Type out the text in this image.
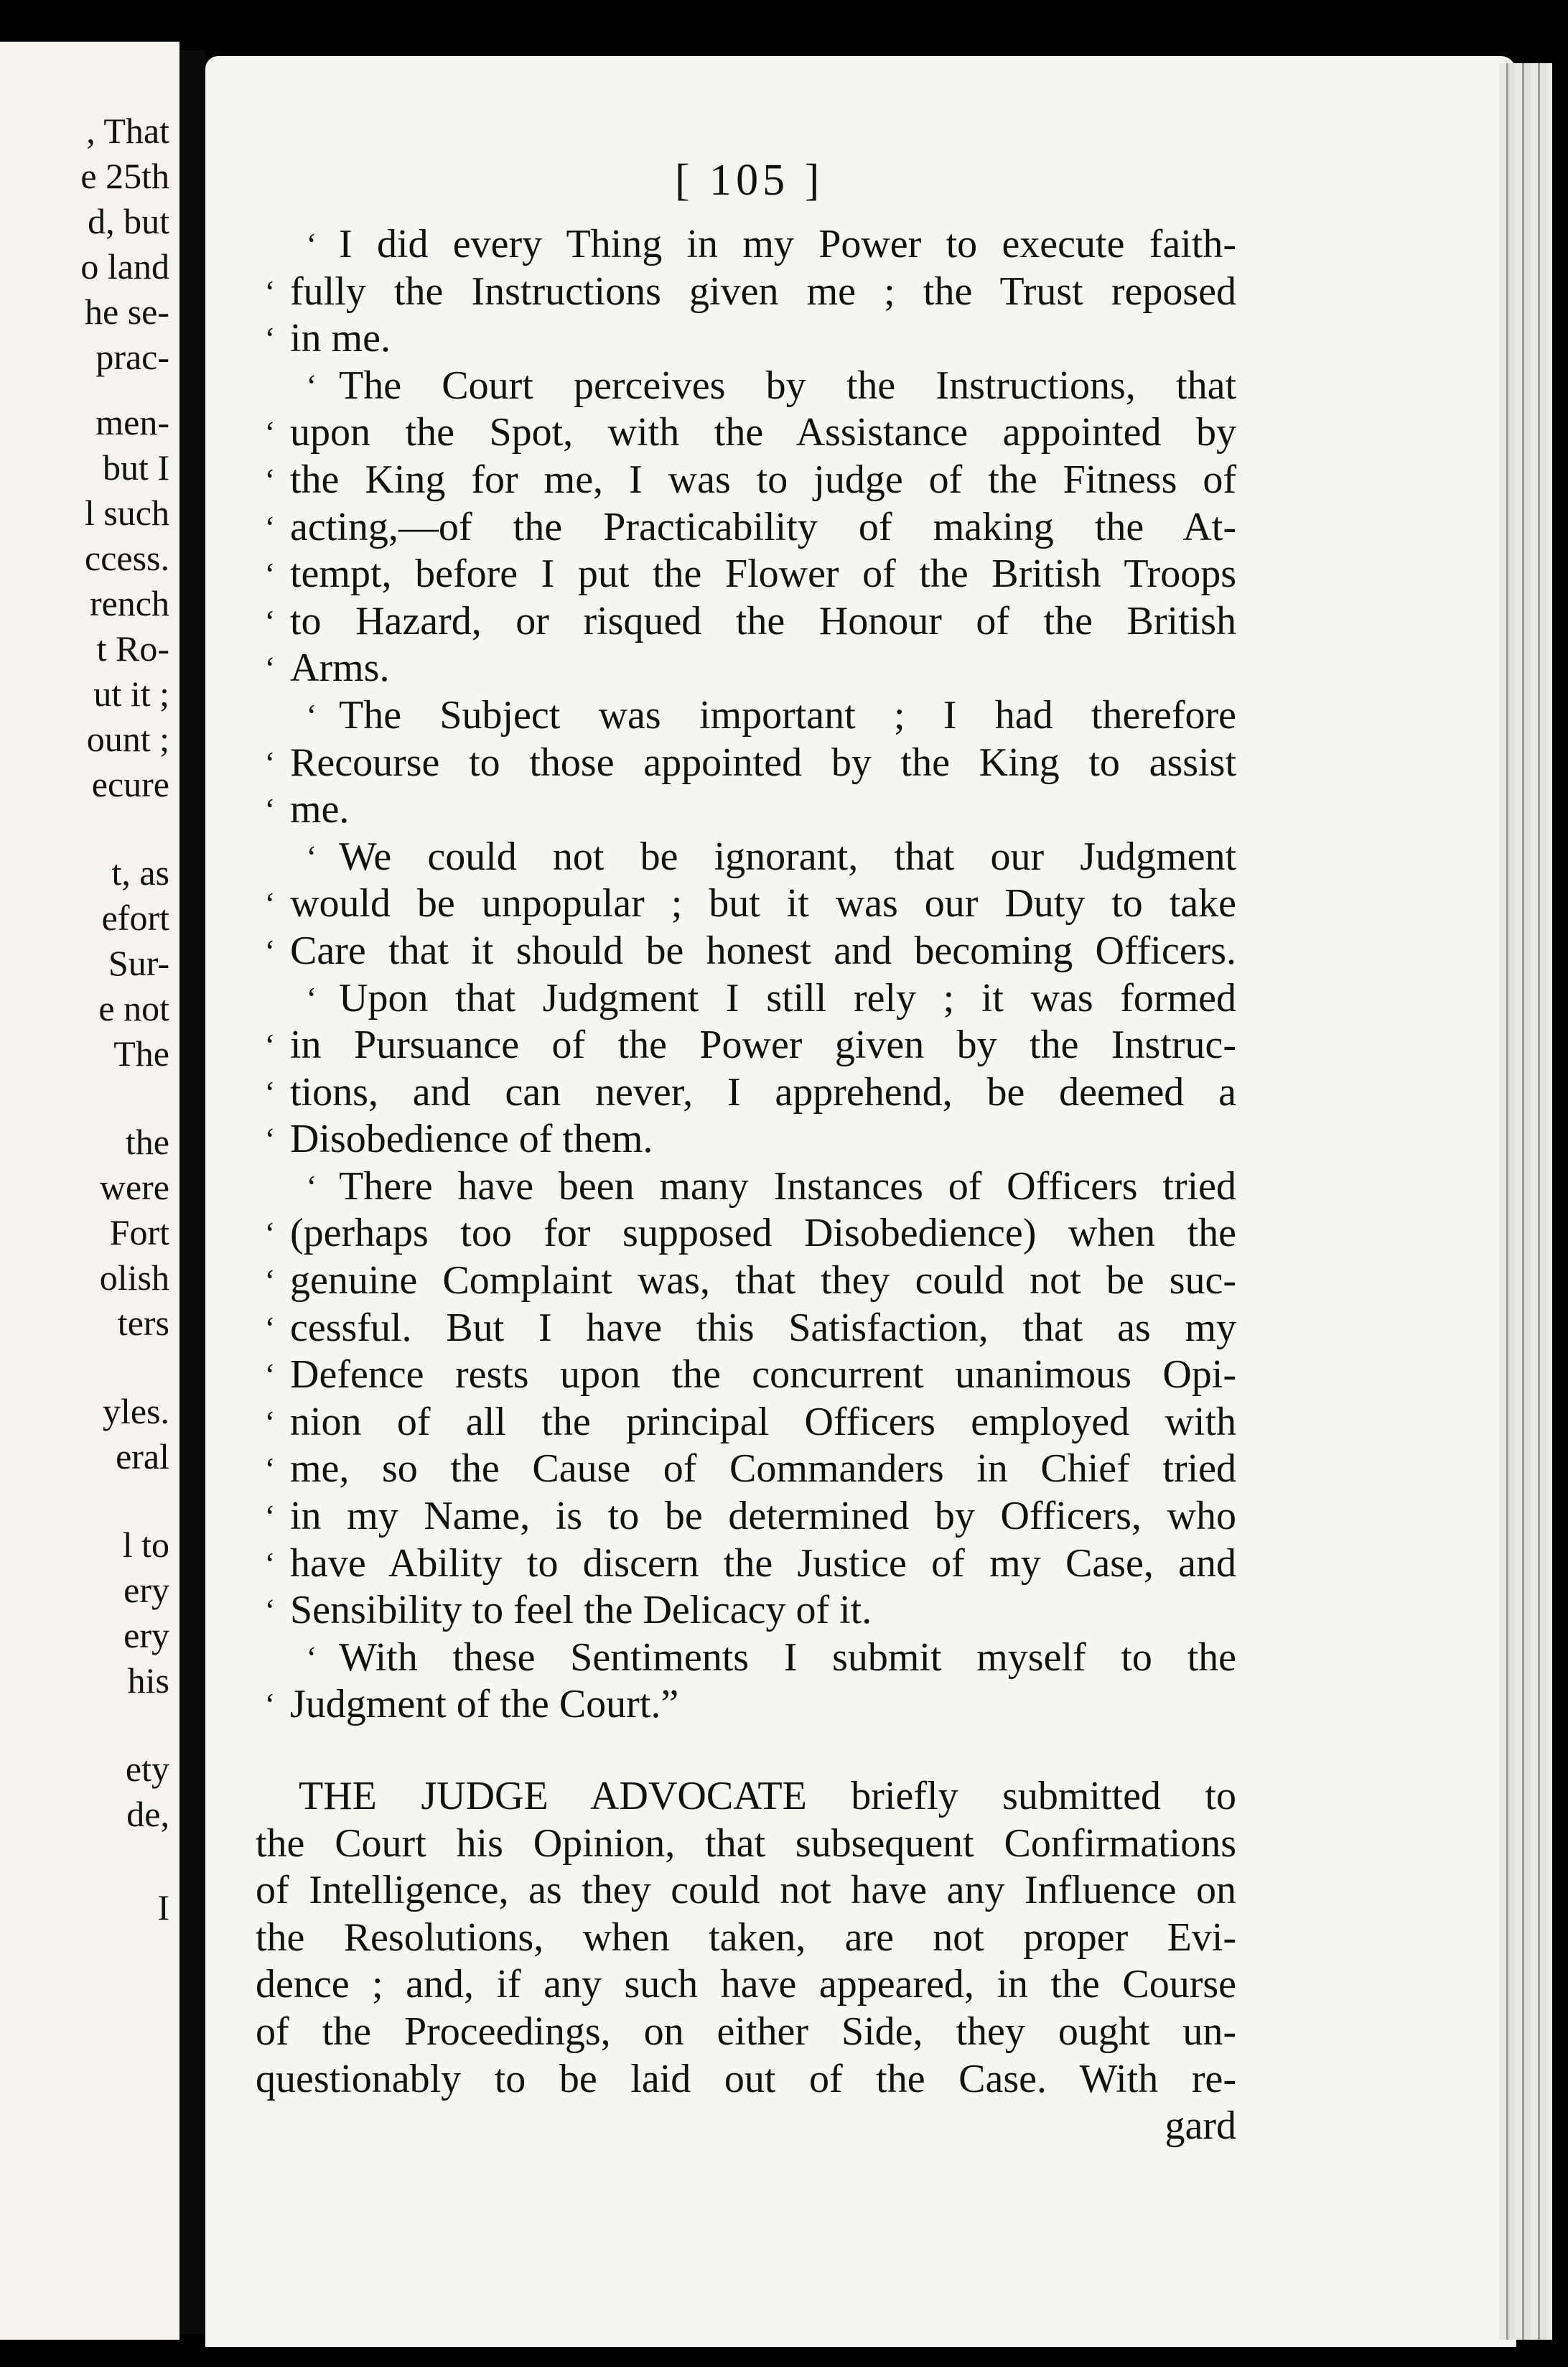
, That
e 25th
d, but
o land
he se-
prac-
men-
but I
l such
ccess.
rench
t Ro-
ut it ;
ount ;
ecure
t, as
efort
Sur-
e not
The
the
were
Fort
olish
ters
yles.
eral
l to
ery
ery
his
ety
de,
I
[ 105 ]
‘ I did every Thing in my Power to execute faith-
‘ fully the Instructions given me ; the Trust reposed
‘ in me.
‘ The Court perceives by the Instructions, that
‘ upon the Spot, with the Assistance appointed by
‘ the King for me, I was to judge of the Fitness of
‘ acting,—of the Practicability of making the At-
‘ tempt, before I put the Flower of the British Troops
‘ to Hazard, or risqued the Honour of the British
‘ Arms.
‘ The Subject was important ; I had therefore
‘ Recourse to those appointed by the King to assist
‘ me.
‘ We could not be ignorant, that our Judgment
‘ would be unpopular ; but it was our Duty to take
‘ Care that it should be honest and becoming Officers.
‘ Upon that Judgment I still rely ; it was formed
‘ in Pursuance of the Power given by the Instruc-
‘ tions, and can never, I apprehend, be deemed a
‘ Disobedience of them.
‘ There have been many Instances of Officers tried
‘ (perhaps too for supposed Disobedience) when the
‘ genuine Complaint was, that they could not be suc-
‘ cessful. But I have this Satisfaction, that as my
‘ Defence rests upon the concurrent unanimous Opi-
‘ nion of all the principal Officers employed with
‘ me, so the Cause of Commanders in Chief tried
‘ in my Name, is to be determined by Officers, who
‘ have Ability to discern the Justice of my Case, and
‘ Sensibility to feel the Delicacy of it.
‘ With these Sentiments I submit myself to the
‘ Judgment of the Court.”
THE JUDGE ADVOCATE briefly submitted to
the Court his Opinion, that subsequent Confirmations
of Intelligence, as they could not have any Influence on
the Resolutions, when taken, are not proper Evi-
dence ; and, if any such have appeared, in the Course
of the Proceedings, on either Side, they ought un-
questionably to be laid out of the Case. With re-
gard
